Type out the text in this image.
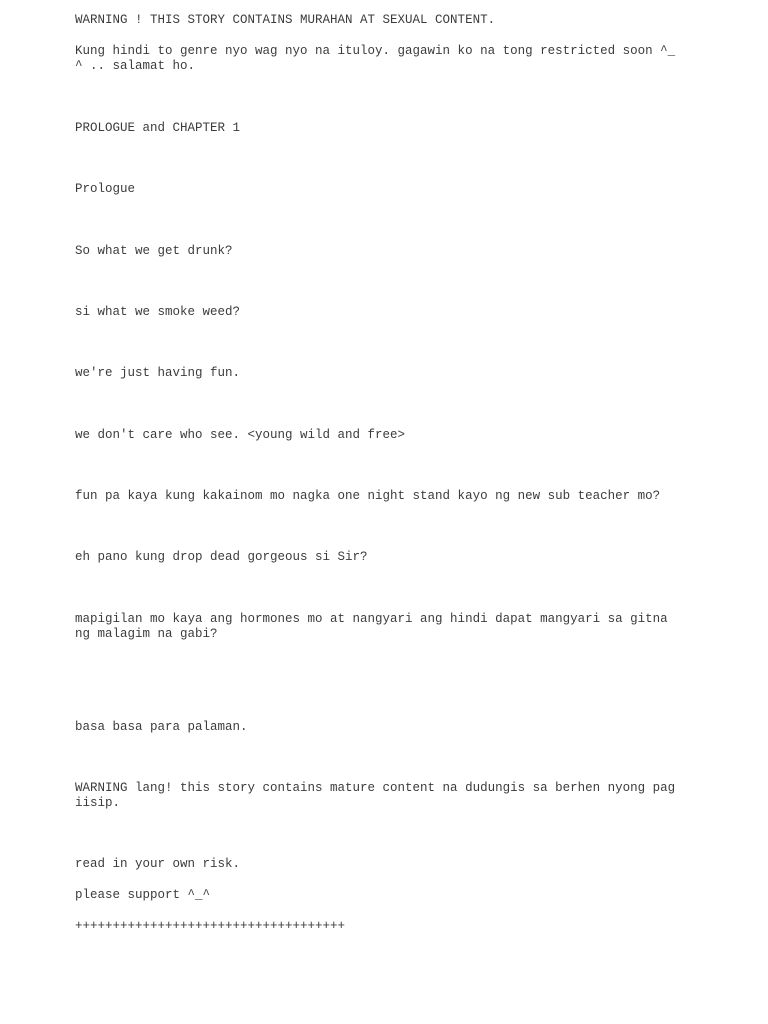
WARNING ! THIS STORY CONTAINS MURAHAN AT SEXUAL CONTENT.

Kung hindi to genre nyo wag nyo na ituloy. gagawin ko na tong restricted soon ^_
^ .. salamat ho.

PROLOGUE and CHAPTER 1

Prologue

So what we get drunk?

si what we smoke weed?

we're just having fun.

we don't care who see. <young wild and free>

fun pa kaya kung kakainom mo nagka one night stand kayo ng new sub teacher mo?

eh pano kung drop dead gorgeous si Sir?

mapigilan mo kaya ang hormones mo at nangyari ang hindi dapat mangyari sa gitna
ng malagim na gabi?

basa basa para palaman.

WARNING lang! this story contains mature content na dudungis sa berhen nyong pag
iisip.

read in your own risk.

please support ^_^

++++++++++++++++++++++++++++++++++++
